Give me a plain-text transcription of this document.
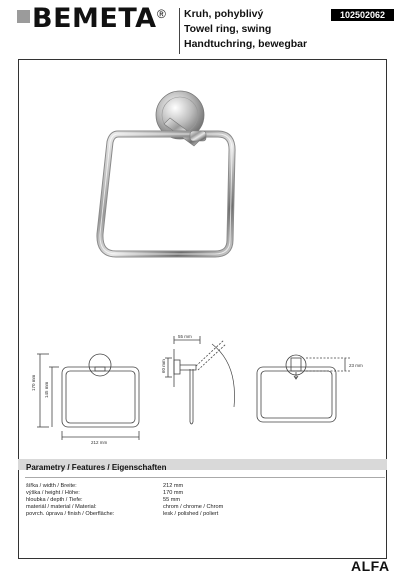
BEMETA ® Kruh, pohyblivý
Towel ring, swing
Handtuchring, bewegbar
102502062
170 mm 145 mm
212 mm
55 mm
60 mm	23 mm
Parametry / Features / Eigenschaften
šířka / width / Breite:	212 mm
výška / height / Höhe:	170 mm
hloubka / depth / Tiefe:	55 mm
materiál / material / Material:	chrom / chrome / Chrom
povrch. úprava / finish / Oberfläche:	lesk / polished / poliert
ALFA
